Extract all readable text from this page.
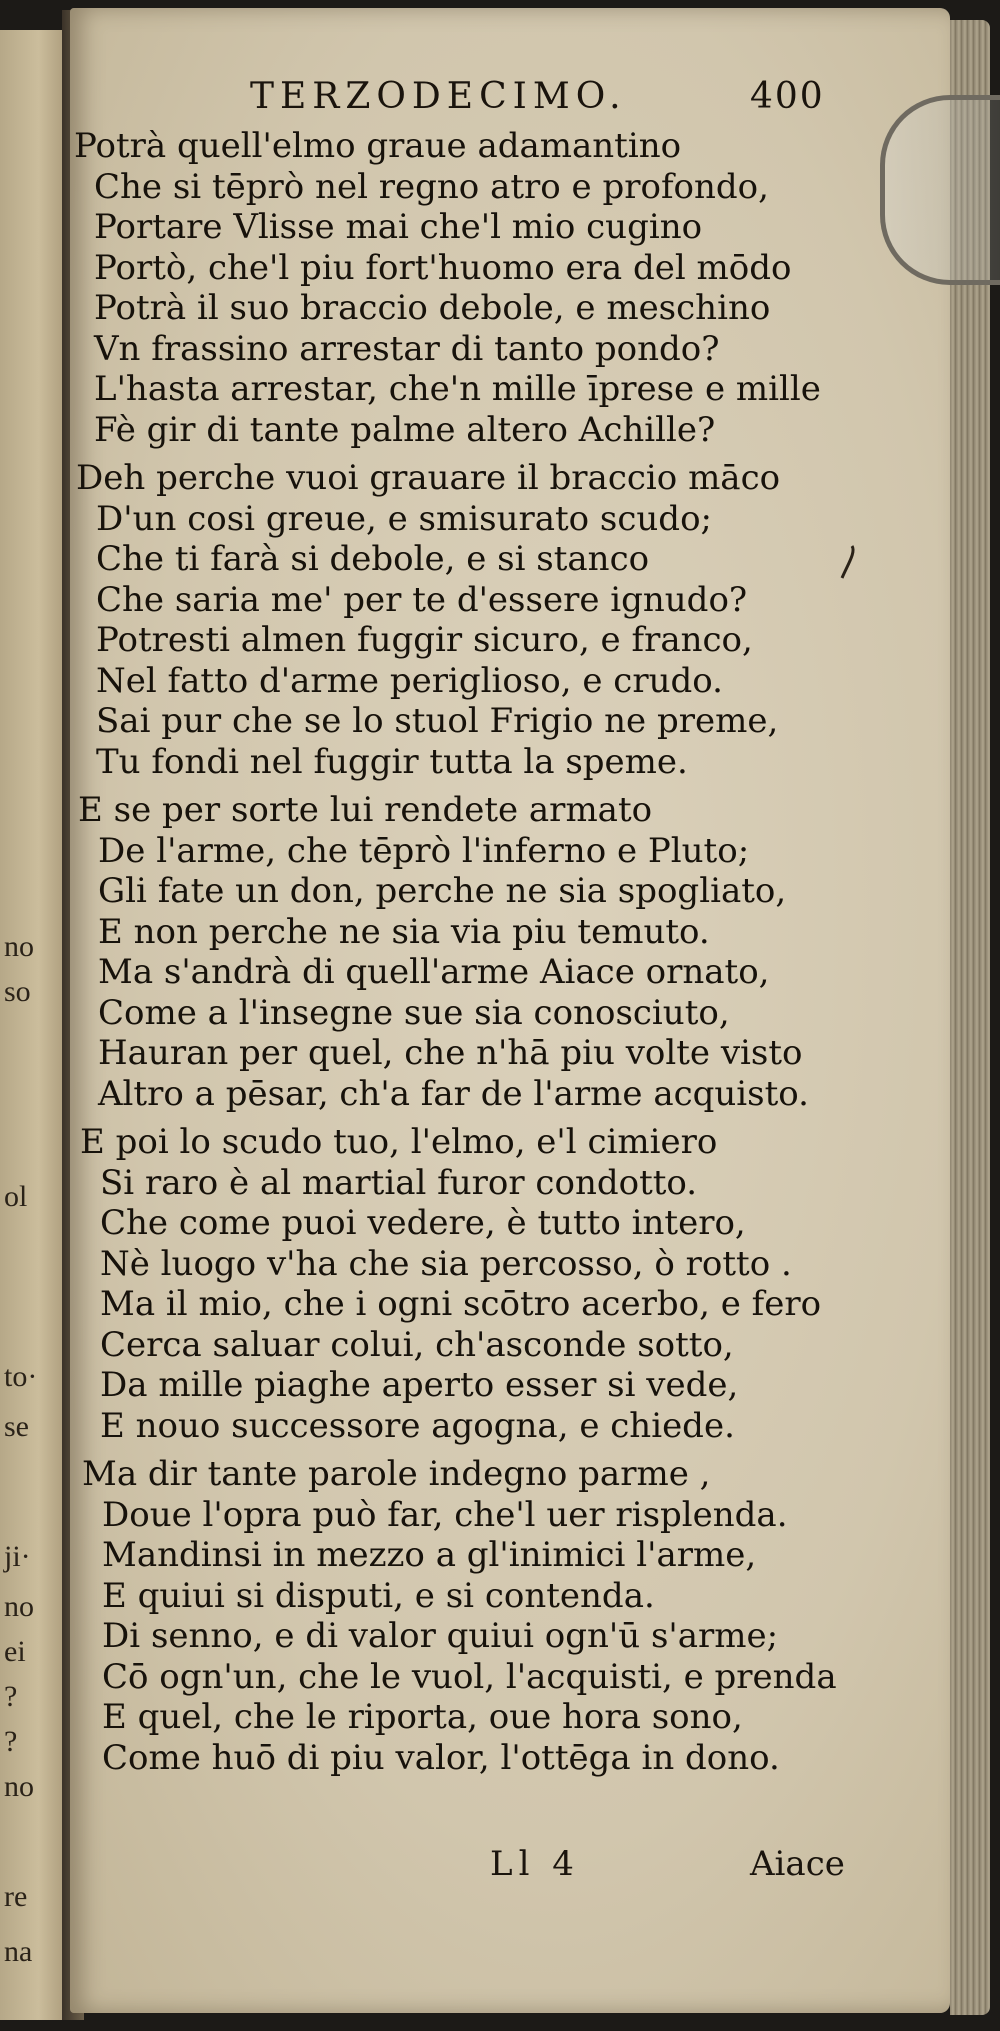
no
so
ol
to·
se
ji·
no
ei
?
?
no
re
na
TERZODECIMO.	400
Potrà quell'elmo graue adamantino
Che si tēprò nel regno atro e profondo,
Portare Vlisse mai che'l mio cugino
Portò, che'l piu fort'huomo era del mōdo
Potrà il suo braccio debole, e meschino
Vn frassino arrestar di tanto pondo?
L'hasta arrestar, che'n mille īprese e mille
Fè gir di tante palme altero Achille?
Deh perche vuoi grauare il braccio māco
D'un cosi greue, e smisurato scudo;
Che ti farà si debole, e si stanco
Che saria me' per te d'essere ignudo?
Potresti almen fuggir sicuro, e franco,
Nel fatto d'arme periglioso, e crudo.
Sai pur che se lo stuol Frigio ne preme,
Tu fondi nel fuggir tutta la speme.
E se per sorte lui rendete armato
De l'arme, che tēprò l'inferno e Pluto;
Gli fate un don, perche ne sia spogliato,
E non perche ne sia via piu temuto.
Ma s'andrà di quell'arme Aiace ornato,
Come a l'insegne sue sia conosciuto,
Hauran per quel, che n'hā piu volte visto
Altro a pēsar, ch'a far de l'arme acquisto.
E poi lo scudo tuo, l'elmo, e'l cimiero
Si raro è al martial furor condotto.
Che come puoi vedere, è tutto intero,
Nè luogo v'ha che sia percosso, ò rotto .
Ma il mio, che i ogni scōtro acerbo, e fero
Cerca saluar colui, ch'asconde sotto,
Da mille piaghe aperto esser si vede,
E nouo successore agogna, e chiede.
Ma dir tante parole indegno parme ,
Doue l'opra può far, che'l uer risplenda.
Mandinsi in mezzo a gl'inimici l'arme,
E quiui si disputi, e si contenda.
Di senno, e di valor quiui ogn'ū s'arme;
Cō ogn'un, che le vuol, l'acquisti, e prenda
E quel, che le riporta, oue hora sono,
Come huō di piu valor, l'ottēga in dono.
Ll 4	Aiace
